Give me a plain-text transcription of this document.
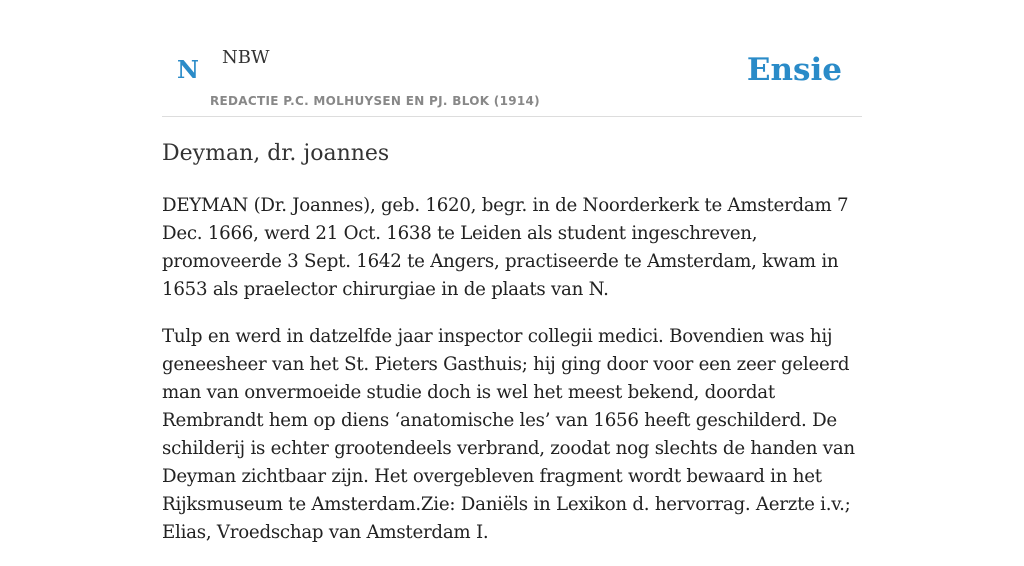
N NBW
REDACTIE P.C. MOLHUYSEN EN PJ. BLOK (1914)
Ensie
Deyman, dr. joannes

DEYMAN (Dr. Joannes), geb. 1620, begr. in de Noorderkerk te Amsterdam 7 Dec. 1666, werd 21 Oct. 1638 te Leiden als student ingeschreven, promoveerde 3 Sept. 1642 te Angers, practiseerde te Amsterdam, kwam in 1653 als praelector chirurgiae in de plaats van N.

Tulp en werd in datzelfde jaar inspector collegii medici. Bovendien was hij geneesheer van het St. Pieters Gasthuis; hij ging door voor een zeer geleerd man van onvermoeide studie doch is wel het meest bekend, doordat Rembrandt hem op diens ‘anatomische les’ van 1656 heeft geschilderd. De schilderij is echter grootendeels verbrand, zoodat nog slechts de handen van Deyman zichtbaar zijn. Het overgebleven fragment wordt bewaard in het Rijksmuseum te Amsterdam.Zie: Daniëls in Lexikon d. hervorrag. Aerzte i.v.; Elias, Vroedschap van Amsterdam I.
